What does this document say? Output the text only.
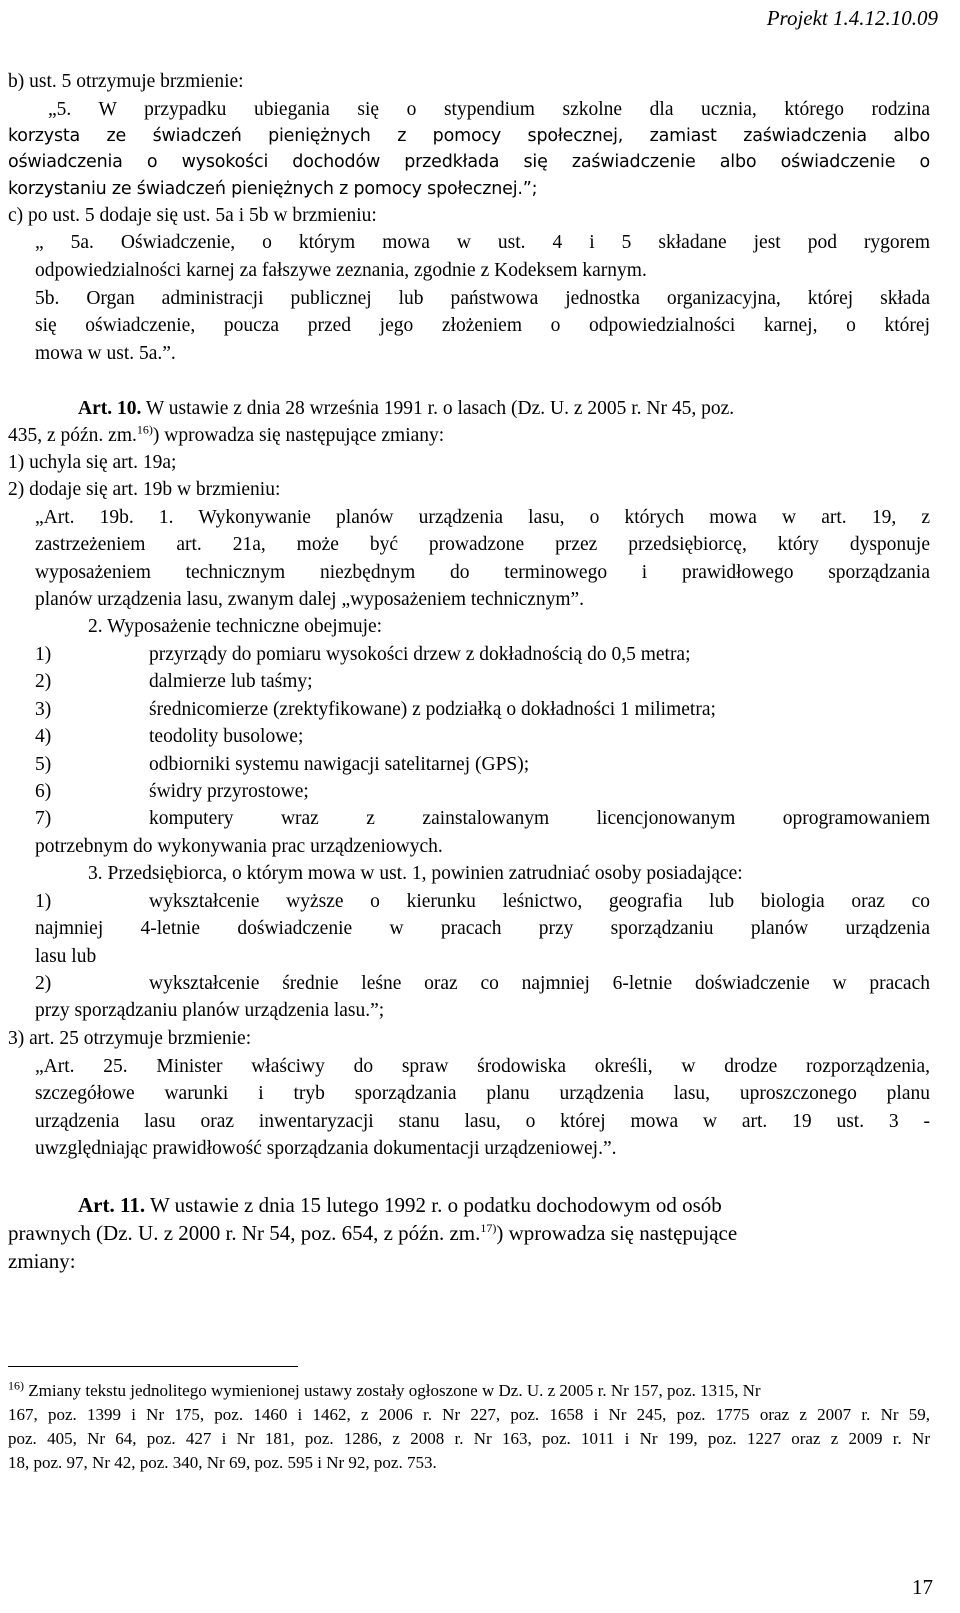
Projekt 1.4.12.10.09
b) ust. 5 otrzymuje brzmienie:
„5. W przypadku ubiegania się o stypendium szkolne dla ucznia, którego rodzina
korzysta ze świadczeń pieniężnych z pomocy społecznej, zamiast zaświadczenia albo
oświadczenia o wysokości dochodów przedkłada się zaświadczenie albo oświadczenie o
korzystaniu ze świadczeń pieniężnych z pomocy społecznej.”;
c) po ust. 5 dodaje się ust. 5a i 5b w brzmieniu:
„ 5a. Oświadczenie, o którym mowa w ust. 4 i 5 składane jest pod rygorem
odpowiedzialności karnej za fałszywe zeznania, zgodnie z Kodeksem karnym.
5b. Organ administracji publicznej lub państwowa jednostka organizacyjna, której składa
się oświadczenie, poucza przed jego złożeniem o odpowiedzialności karnej, o której
mowa w ust. 5a.”.
Art. 10. W ustawie z dnia 28 września 1991 r. o lasach (Dz. U. z 2005 r. Nr 45, poz.
435, z późn. zm.$^{16)}$) wprowadza się następujące zmiany:
1) uchyla się art. 19a;
2) dodaje się art. 19b w brzmieniu:
„Art. 19b. 1. Wykonywanie planów urządzenia lasu, o których mowa w art. 19, z
zastrzeżeniem art. 21a, może być prowadzone przez przedsiębiorcę, który dysponuje
wyposażeniem technicznym niezbędnym do terminowego i prawidłowego sporządzania
planów urządzenia lasu, zwanym dalej „wyposażeniem technicznym”.
2. Wyposażenie techniczne obejmuje:
1)	przyrządy do pomiaru wysokości drzew z dokładnością do 0,5 metra;
2)	dalmierze lub taśmy;
3)	średnicomierze (zrektyfikowane) z podziałką o dokładności 1 milimetra;
4)	teodolity busolowe;
5)	odbiorniki systemu nawigacji satelitarnej (GPS);
6)	świdry przyrostowe;
7)	komputery wraz z zainstalowanym licencjonowanym oprogramowaniem
potrzebnym do wykonywania prac urządzeniowych.
3. Przedsiębiorca, o którym mowa w ust. 1, powinien zatrudniać osoby posiadające:
1)	wykształcenie wyższe o kierunku leśnictwo, geografia lub biologia oraz co
najmniej 4-letnie doświadczenie w pracach przy sporządzaniu planów urządzenia
lasu lub
2)	wykształcenie średnie leśne oraz co najmniej 6-letnie doświadczenie w pracach
przy sporządzaniu planów urządzenia lasu.”;
3) art. 25 otrzymuje brzmienie:
„Art. 25. Minister właściwy do spraw środowiska określi, w drodze rozporządzenia,
szczegółowe warunki i tryb sporządzania planu urządzenia lasu, uproszczonego planu
urządzenia lasu oraz inwentaryzacji stanu lasu, o której mowa w art. 19 ust. 3 -
uwzględniając prawidłowość sporządzania dokumentacji urządzeniowej.”.
Art. 11. W ustawie z dnia 15 lutego 1992 r. o podatku dochodowym od osób
prawnych (Dz. U. z 2000 r. Nr 54, poz. 654, z późn. zm.$^{17)}$) wprowadza się następujące
zmiany:
$^{16)}$ Zmiany tekstu jednolitego wymienionej ustawy zostały ogłoszone w Dz. U. z 2005 r. Nr 157, poz. 1315, Nr
167, poz. 1399 i Nr 175, poz. 1460 i 1462, z 2006 r. Nr 227, poz. 1658 i Nr 245, poz. 1775 oraz z 2007 r. Nr 59,
poz. 405, Nr 64, poz. 427 i Nr 181, poz. 1286, z 2008 r. Nr 163, poz. 1011 i Nr 199, poz. 1227 oraz z 2009 r. Nr
18, poz. 97, Nr 42, poz. 340, Nr 69, poz. 595 i Nr 92, poz. 753.
17
